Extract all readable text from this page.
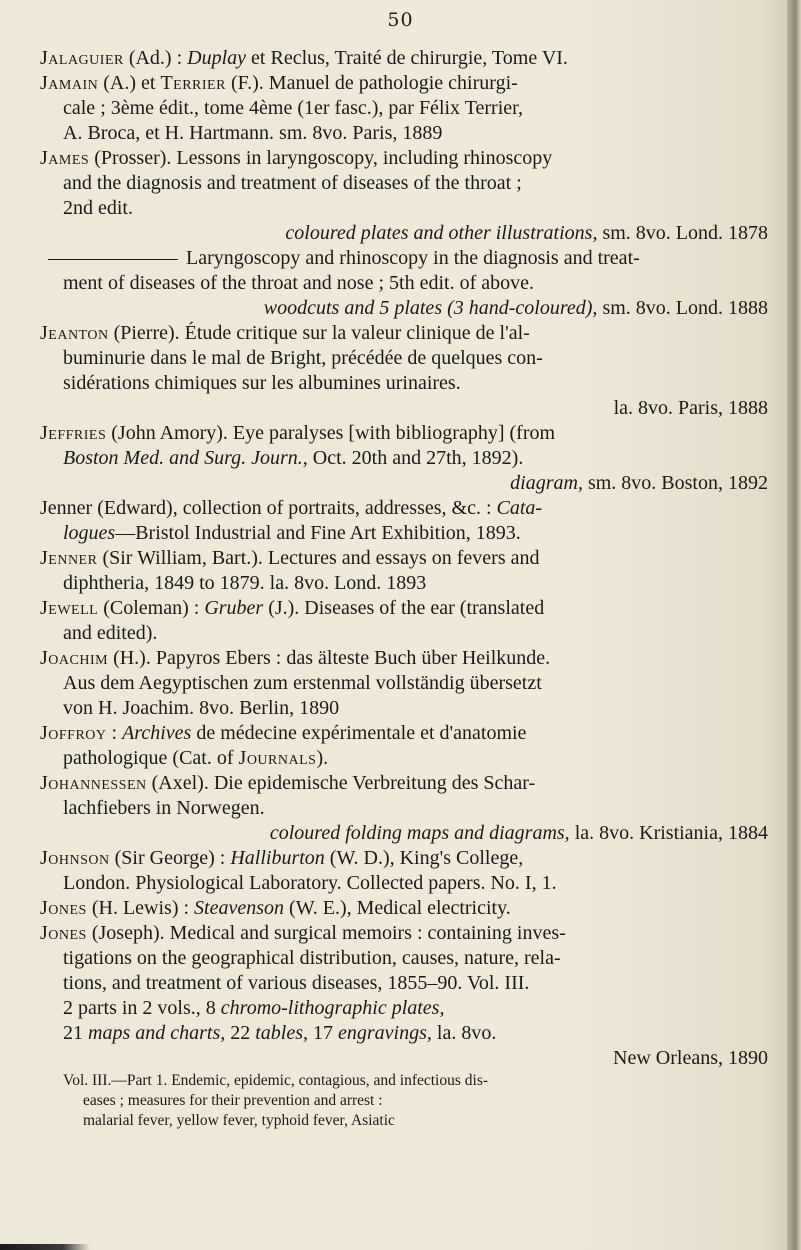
50
Jalaguier (Ad.) : Duplay et Reclus, Traité de chirurgie, Tome VI.
Jamain (A.) et Terrier (F.). Manuel de pathologie chirurgi-
cale ; 3ème édit., tome 4ème (1er fasc.), par Félix Terrier,
A. Broca, et H. Hartmann. sm. 8vo. Paris, 1889
James (Prosser). Lessons in laryngoscopy, including rhinoscopy
and the diagnosis and treatment of diseases of the throat ;
2nd edit.
coloured plates and other illustrations, sm. 8vo. Lond. 1878
Laryngoscopy and rhinoscopy in the diagnosis and treat-
ment of diseases of the throat and nose ; 5th edit. of above.
woodcuts and 5 plates (3 hand-coloured), sm. 8vo. Lond. 1888
Jeanton (Pierre). Étude critique sur la valeur clinique de l'al-
buminurie dans le mal de Bright, précédée de quelques con-
sidérations chimiques sur les albumines urinaires.
la. 8vo. Paris, 1888
Jeffries (John Amory). Eye paralyses [with bibliography] (from
Boston Med. and Surg. Journ., Oct. 20th and 27th, 1892).
diagram, sm. 8vo. Boston, 1892
Jenner (Edward), collection of portraits, addresses, &c. : Cata-
logues—Bristol Industrial and Fine Art Exhibition, 1893.
Jenner (Sir William, Bart.). Lectures and essays on fevers and
diphtheria, 1849 to 1879. la. 8vo. Lond. 1893
Jewell (Coleman) : Gruber (J.). Diseases of the ear (translated
and edited).
Joachim (H.). Papyros Ebers : das älteste Buch über Heilkunde.
Aus dem Aegyptischen zum erstenmal vollständig übersetzt
von H. Joachim. 8vo. Berlin, 1890
Joffroy : Archives de médecine expérimentale et d'anatomie
pathologique (Cat. of Journals).
Johannessen (Axel). Die epidemische Verbreitung des Schar-
lachfiebers in Norwegen.
coloured folding maps and diagrams, la. 8vo. Kristiania, 1884
Johnson (Sir George) : Halliburton (W. D.), King's College,
London. Physiological Laboratory. Collected papers. No. I, 1.
Jones (H. Lewis) : Steavenson (W. E.), Medical electricity.
Jones (Joseph). Medical and surgical memoirs : containing inves-
tigations on the geographical distribution, causes, nature, rela-
tions, and treatment of various diseases, 1855–90. Vol. III.
2 parts in 2 vols., 8 chromo-lithographic plates,
21 maps and charts, 22 tables, 17 engravings, la. 8vo.
New Orleans, 1890
Vol. III.—Part 1. Endemic, epidemic, contagious, and infectious dis-
eases ; measures for their prevention and arrest :
malarial fever, yellow fever, typhoid fever, Asiatic
